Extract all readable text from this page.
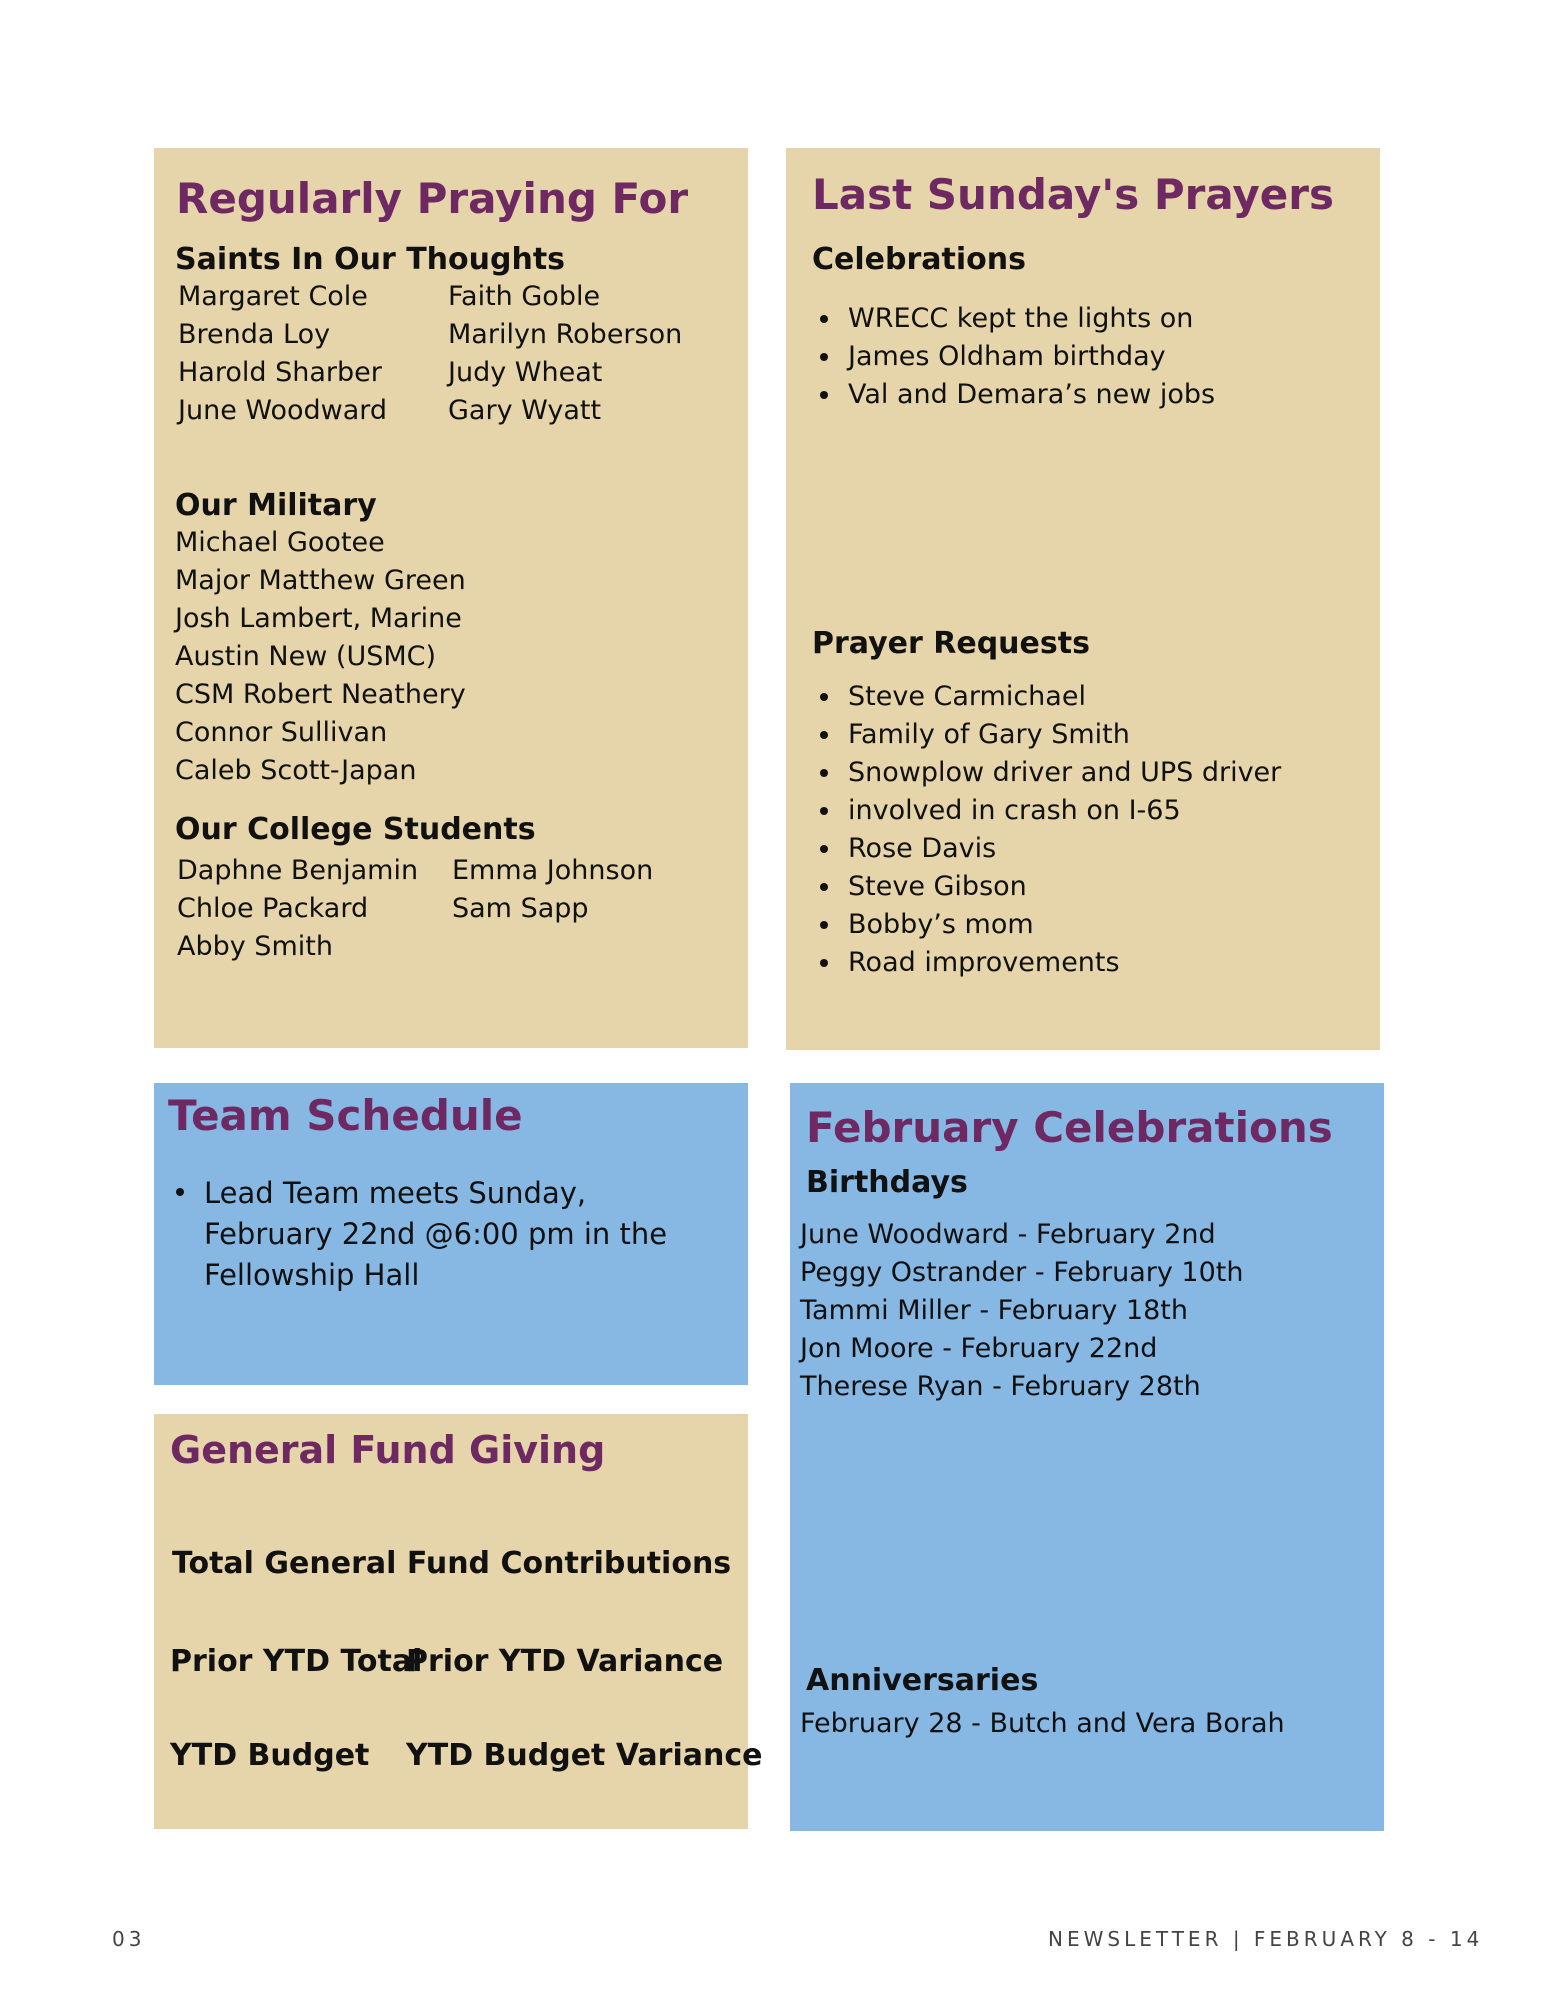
Regularly Praying For
Saints In Our Thoughts
Margaret Cole
Brenda Loy
Harold Sharber
June Woodward
Faith Goble
Marilyn Roberson
Judy Wheat
Gary Wyatt
Our Military
Michael Gootee
Major Matthew Green
Josh Lambert, Marine
Austin New (USMC)
CSM Robert Neathery
Connor Sullivan
Caleb Scott-Japan
Our College Students
Daphne Benjamin
Chloe Packard
Abby Smith
Emma Johnson
Sam Sapp
Last Sunday's Prayers
Celebrations
WRECC kept the lights on
James Oldham birthday
Val and Demara’s new jobs
Prayer Requests
Steve Carmichael
Family of Gary Smith
Snowplow driver and UPS driver
involved in crash on I-65
Rose Davis
Steve Gibson
Bobby’s mom
Road improvements
Team Schedule
Lead Team meets Sunday,
February 22nd @6:00 pm in the
Fellowship Hall
General Fund Giving
Total General Fund Contributions
Prior YTD Total
Prior YTD Variance
YTD Budget YTD Budget Variance
February Celebrations
Birthdays
June Woodward - February 2nd
Peggy Ostrander - February 10th
Tammi Miller - February 18th
Jon Moore - February 22nd
Therese Ryan - February 28th
Anniversaries
February 28 - Butch and Vera Borah
03	NEWSLETTER | FEBRUARY 8 - 14
